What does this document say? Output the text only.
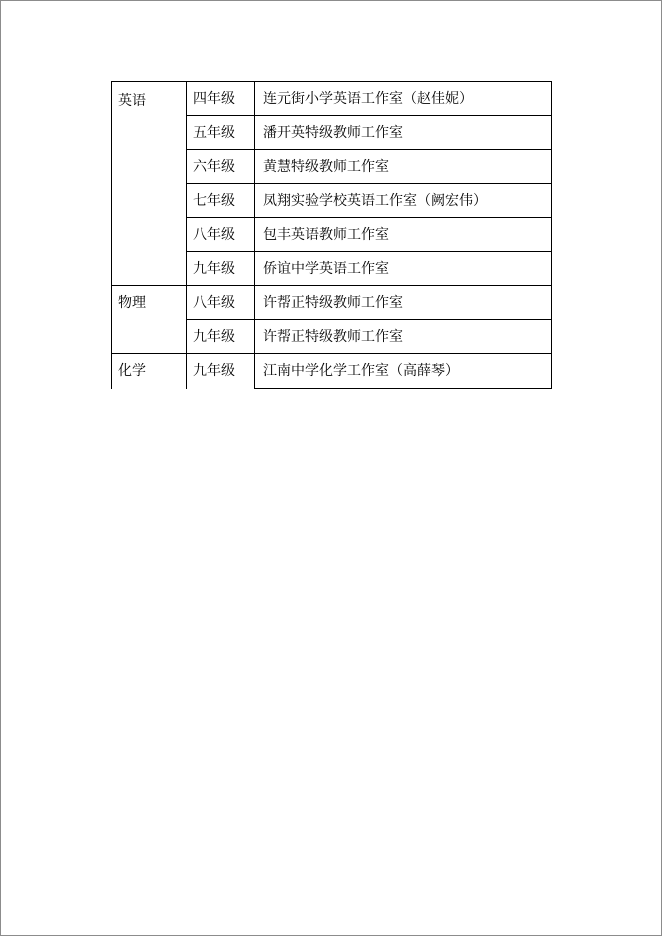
英语	四年级	连元街小学英语工作室（赵佳妮）
	五年级	潘开英特级教师工作室
	六年级	黄慧特级教师工作室
	七年级	凤翔实验学校英语工作室（阙宏伟）
	八年级	包丰英语教师工作室
	九年级	侨谊中学英语工作室
物理	八年级	许帮正特级教师工作室
	九年级	许帮正特级教师工作室
化学	九年级	江南中学化学工作室（高薛琴）
